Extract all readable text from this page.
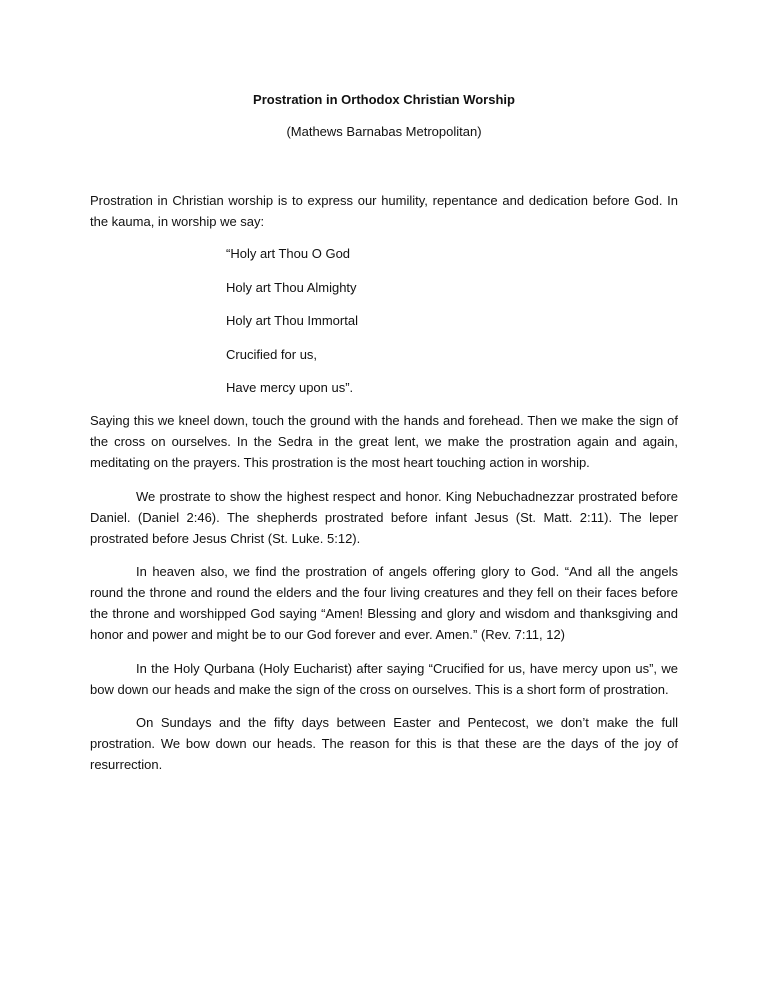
Prostration in Orthodox Christian Worship
(Mathews Barnabas Metropolitan)

Prostration in Christian worship is to express our humility, repentance and dedication before God. In the kauma, in worship we say:

“Holy art Thou O God
Holy art Thou Almighty
Holy art Thou Immortal
Crucified for us,
Have mercy upon us”.

Saying this we kneel down, touch the ground with the hands and forehead. Then we make the sign of the cross on ourselves. In the Sedra in the great lent, we make the prostration again and again, meditating on the prayers. This prostration is the most heart touching action in worship.

We prostrate to show the highest respect and honor. King Nebuchadnezzar prostrated before Daniel. (Daniel 2:46). The shepherds prostrated before infant Jesus (St. Matt. 2:11). The leper prostrated before Jesus Christ (St. Luke. 5:12).

In heaven also, we find the prostration of angels offering glory to God. “And all the angels round the throne and round the elders and the four living creatures and they fell on their faces before the throne and worshipped God saying “Amen! Blessing and glory and wisdom and thanksgiving and honor and power and might be to our God forever and ever. Amen.” (Rev. 7:11, 12)

In the Holy Qurbana (Holy Eucharist) after saying “Crucified for us, have mercy upon us”, we bow down our heads and make the sign of the cross on ourselves. This is a short form of prostration.

On Sundays and the fifty days between Easter and Pentecost, we don’t make the full prostration. We bow down our heads. The reason for this is that these are the days of the joy of resurrection.
